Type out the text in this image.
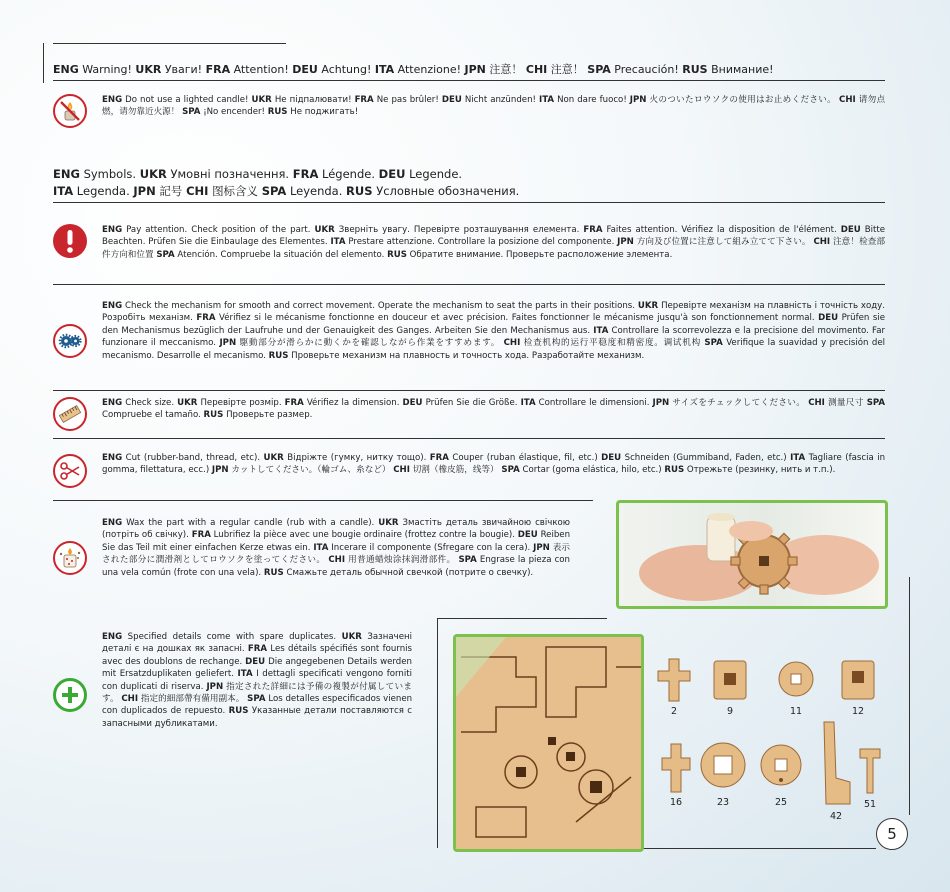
ENG Warning! UKR Уваги! FRA Attention! DEU Achtung! ITA Attenzione! JPN 注意！ CHI 注意！ SPA Precaución! RUS Внимание!
ENG Do not use a lighted candle! UKR Не підпалювати! FRA Ne pas brûler! DEU Nicht anzünden! ITA Non dare fuoco! JPN 火のついたロウソクの使用はお止めください。 CHI 请勿点燃，请勿靠近火源！ SPA ¡No encender! RUS Не поджигать!
ENG Symbols. UKR Умовні позначення. FRA Légende. DEU Legende.
ITA Legenda. JPN 記号 CHI 图标含义 SPA Leyenda. RUS Условные обозначения.
ENG Pay attention. Check position of the part. UKR Зверніть увагу. Перевірте розташування елемента. FRA Faites attention. Vérifiez la disposition de l'élément. DEU Bitte Beachten. Prüfen Sie die Einbaulage des Elementes. ITA Prestare attenzione. Controllare la posizione del componente. JPN 方向及び位置に注意して組み立てて下さい。 CHI 注意！检查部件方向和位置 SPA Atención. Compruebe la situación del elemento. RUS Обратите внимание. Проверьте расположение элемента.
ENG Check the mechanism for smooth and correct movement. Operate the mechanism to seat the parts in their positions. UKR Перевірте механізм на плавність і точність ходу. Розробіть механізм. FRA Vérifiez si le mécanisme fonctionne en douceur et avec précision. Faites fonctionner le mécanisme jusqu'à son fonctionnement normal. DEU Prüfen sie den Mechanismus bezüglich der Laufruhe und der Genauigkeit des Ganges. Arbeiten Sie den Mechanismus aus. ITA Controllare la scorrevolezza e la precisione del movimento. Far funzionare il meccanismo. JPN 駆動部分が滑らかに動くかを確認しながら作業をすすめます。 CHI 检查机构的运行平稳度和精密度。调试机构 SPA Verifique la suavidad y precisión del mecanismo. Desarrolle el mecanismo. RUS Проверьте механизм на плавность и точность хода. Разработайте механизм.
ENG Check size. UKR Перевірте розмір. FRA Vérifiez la dimension. DEU Prüfen Sie die Größe. ITA Controllare le dimensioni. JPN サイズをチェックしてください。 CHI 测量尺寸 SPA Compruebe el tamaño. RUS Проверьте размер.
ENG Cut (rubber-band, thread, etc). UKR Відріжте (гумку, нитку тощо). FRA Couper (ruban élastique, fil, etc.) DEU Schneiden (Gummiband, Faden, etc.) ITA Tagliare (fascia in gomma, filettatura, ecc.) JPN カットしてください。（輪ゴム、糸など） CHI 切割（橡皮筋，线等） SPA Cortar (goma elástica, hilo, etc.) RUS Отрежьте (резинку, нить и т.п.).
ENG Wax the part with a regular candle (rub with a candle). UKR Змастіть деталь звичайною свічкою (потріть об свічку). FRA Lubrifiez la pièce avec une bougie ordinaire (frottez contre la bougie). DEU Reiben Sie das Teil mit einer einfachen Kerze etwas ein. ITA Incerare il componente (Sfregare con la cera). JPN 表示された部分に潤滑剤としてロウソクを塗ってください。 CHI 用普通蜡烛涂抹润滑部件。 SPA Engrase la pieza con una vela común (frote con una vela). RUS Смажьте деталь обычной свечкой (потрите о свечку).
ENG Specified details come with spare duplicates. UKR Зазначені деталі є на дошках як запасні. FRA Les détails spécifiés sont fournis avec des doublons de rechange. DEU Die angegebenen Details werden mit Ersatzduplikaten geliefert. ITA I dettagli specificati vengono forniti con duplicati di riserva. JPN 指定された詳細には予備の複製が付属しています。 CHI 指定的細部帶有備用副本。 SPA Los detalles especificados vienen con duplicados de repuesto. RUS Указанные детали поставляются с запасными дубликатами.
2	9	11	12
16	23	25
42
51
5
